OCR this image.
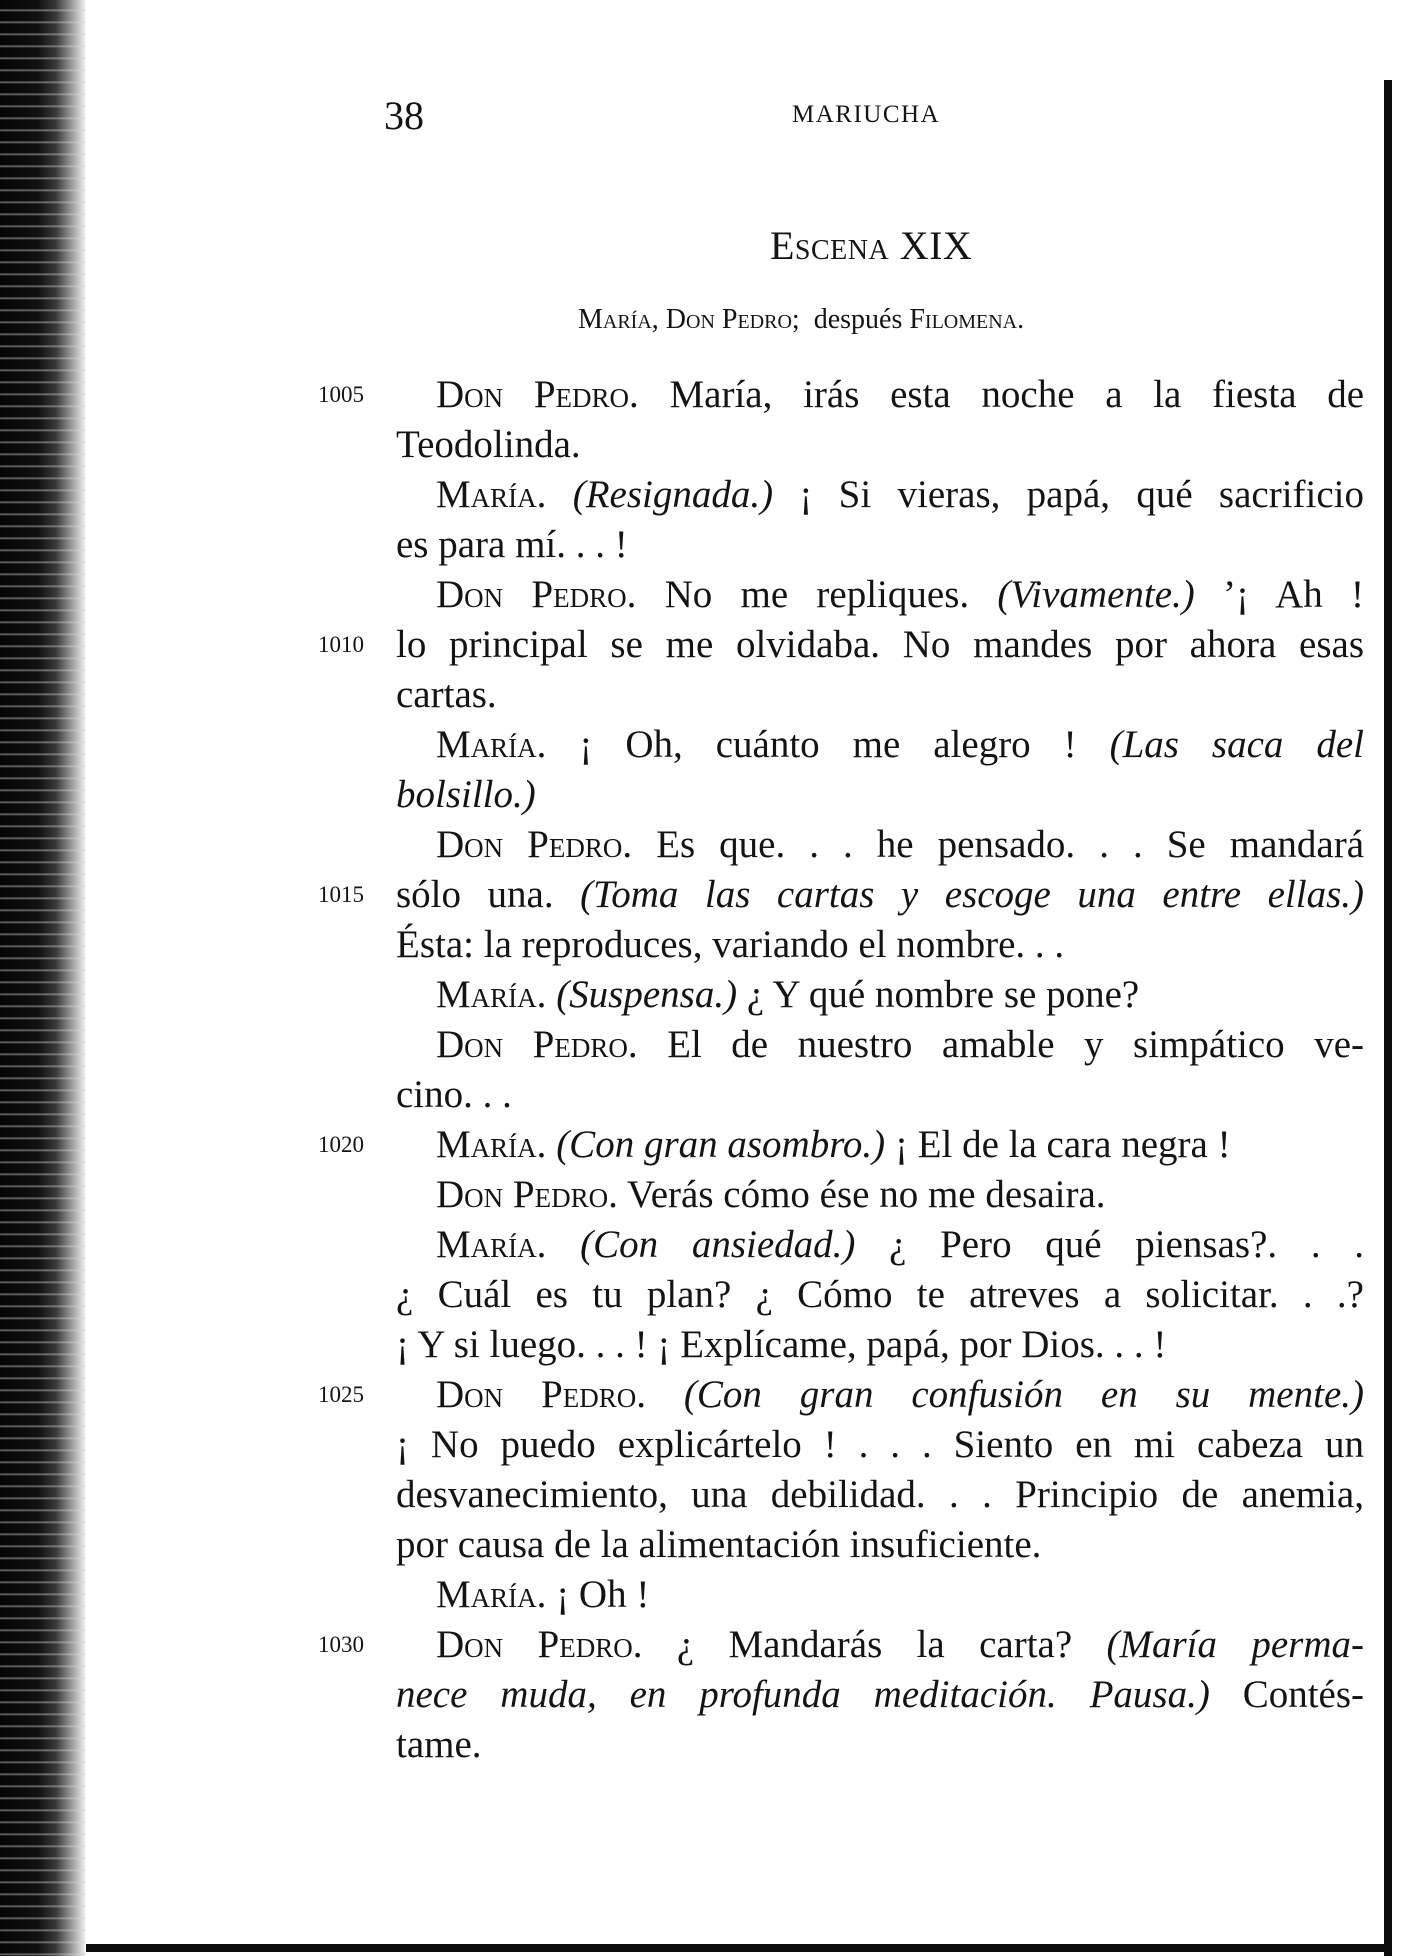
38	MARIUCHA
Escena XIX
María, Don Pedro; después Filomena.
1005
1010
1015
1020
1025
1030
Don Pedro. María, irás esta noche a la fiesta de
Teodolinda.
María. (Resignada.) ¡ Si vieras, papá, qué sacrificio
es para mí. . . !
Don Pedro. No me repliques. (Vivamente.) ’¡ Ah !
lo principal se me olvidaba. No mandes por ahora esas
cartas.
María. ¡ Oh, cuánto me alegro ! (Las saca del
bolsillo.)
Don Pedro. Es que. . . he pensado. . . Se mandará
sólo una. (Toma las cartas y escoge una entre ellas.)
Ésta: la reproduces, variando el nombre. . .
María. (Suspensa.) ¿ Y qué nombre se pone?
Don Pedro. El de nuestro amable y simpático ve-
cino. . .
María. (Con gran asombro.) ¡ El de la cara negra !
Don Pedro. Verás cómo ése no me desaira.
María. (Con ansiedad.) ¿ Pero qué piensas?. . .
¿ Cuál es tu plan? ¿ Cómo te atreves a solicitar. . .?
¡ Y si luego. . . ! ¡ Explícame, papá, por Dios. . . !
Don Pedro. (Con gran confusión en su mente.)
¡ No puedo explicártelo ! . . . Siento en mi cabeza un
desvanecimiento, una debilidad. . . Principio de anemia,
por causa de la alimentación insuficiente.
María. ¡ Oh !
Don Pedro. ¿ Mandarás la carta? (María perma-
nece muda, en profunda meditación. Pausa.) Contés-
tame.
